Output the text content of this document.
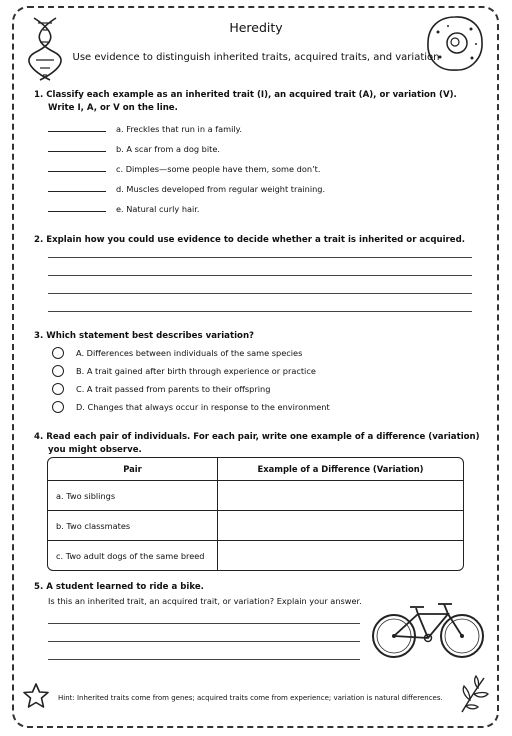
Heredity
Use evidence to distinguish inherited traits, acquired traits, and variation
1. Classify each example as an inherited trait (I), an acquired trait (A), or variation (V).
Write I, A, or V on the line.
a. Freckles that run in a family.
b. A scar from a dog bite.
c. Dimples—some people have them, some don’t.
d. Muscles developed from regular weight training.
e. Natural curly hair.
2. Explain how you could use evidence to decide whether a trait is inherited or acquired.
3. Which statement best describes variation?
A. Differences between individuals of the same species
B. A trait gained after birth through experience or practice
C. A trait passed from parents to their offspring
D. Changes that always occur in response to the environment
4. Read each pair of individuals. For each pair, write one example of a difference (variation)
you might observe.
Pair	Example of a Difference (Variation)
a. Two siblings	
b. Two classmates	
c. Two adult dogs of the same breed	
5. A student learned to ride a bike.
Is this an inherited trait, an acquired trait, or variation? Explain your answer.
Hint: Inherited traits come from genes; acquired traits come from experience; variation is natural differences.
